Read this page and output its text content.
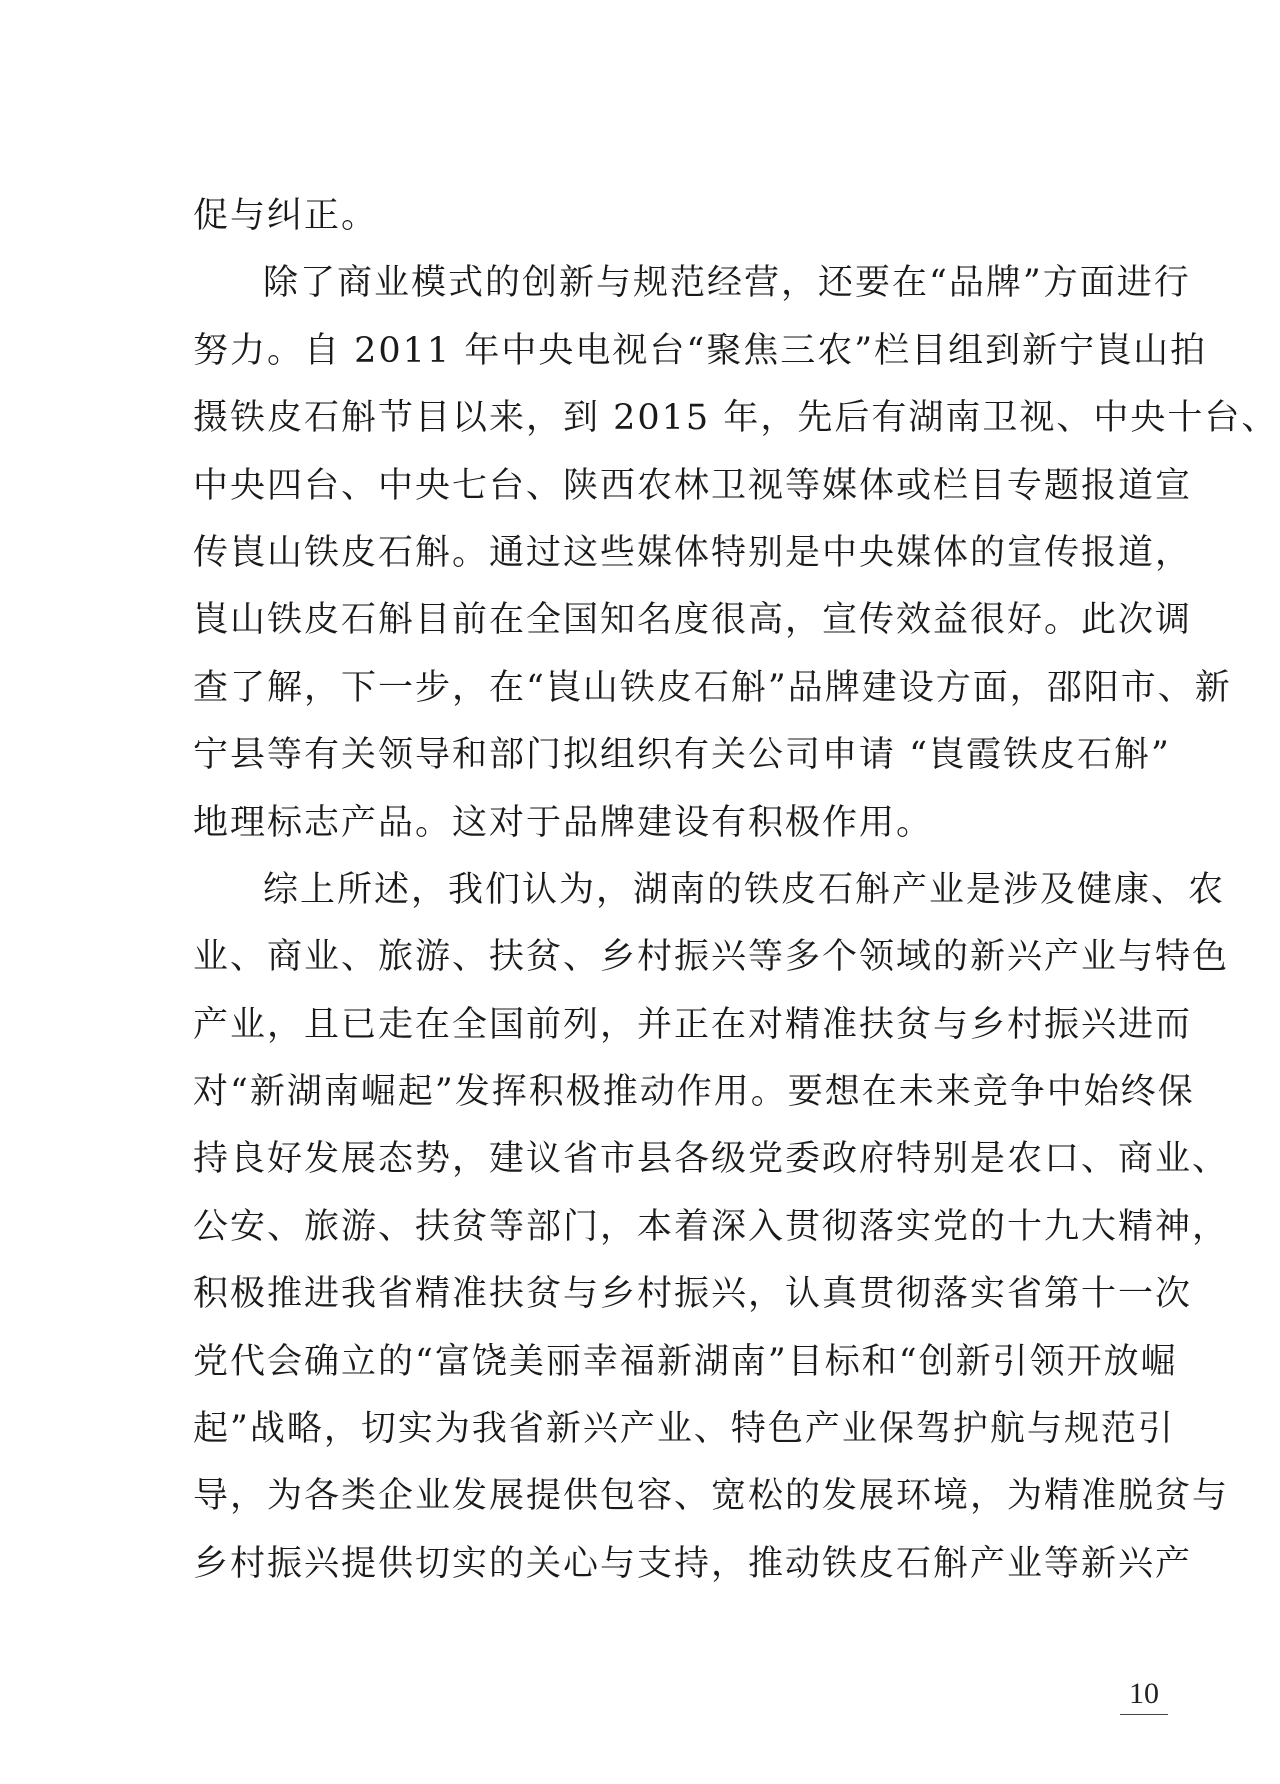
促与纠正。
除了商业模式的创新与规范经营，还要在“品牌”方面进行
努力。自 2011 年中央电视台“聚焦三农”栏目组到新宁崀山拍
摄铁皮石斛节目以来，到 2015 年，先后有湖南卫视、中央十台、
中央四台、中央七台、陕西农林卫视等媒体或栏目专题报道宣
传崀山铁皮石斛。通过这些媒体特别是中央媒体的宣传报道，
崀山铁皮石斛目前在全国知名度很高，宣传效益很好。此次调
查了解，下一步，在“崀山铁皮石斛”品牌建设方面，邵阳市、新
宁县等有关领导和部门拟组织有关公司申请 “崀霞铁皮石斛”
地理标志产品。这对于品牌建设有积极作用。
综上所述，我们认为，湖南的铁皮石斛产业是涉及健康、农
业、商业、旅游、扶贫、乡村振兴等多个领域的新兴产业与特色
产业，且已走在全国前列，并正在对精准扶贫与乡村振兴进而
对“新湖南崛起”发挥积极推动作用。要想在未来竞争中始终保
持良好发展态势，建议省市县各级党委政府特别是农口、商业、
公安、旅游、扶贫等部门，本着深入贯彻落实党的十九大精神，
积极推进我省精准扶贫与乡村振兴，认真贯彻落实省第十一次
党代会确立的“富饶美丽幸福新湖南”目标和“创新引领开放崛
起”战略，切实为我省新兴产业、特色产业保驾护航与规范引
导，为各类企业发展提供包容、宽松的发展环境，为精准脱贫与
乡村振兴提供切实的关心与支持，推动铁皮石斛产业等新兴产
10
